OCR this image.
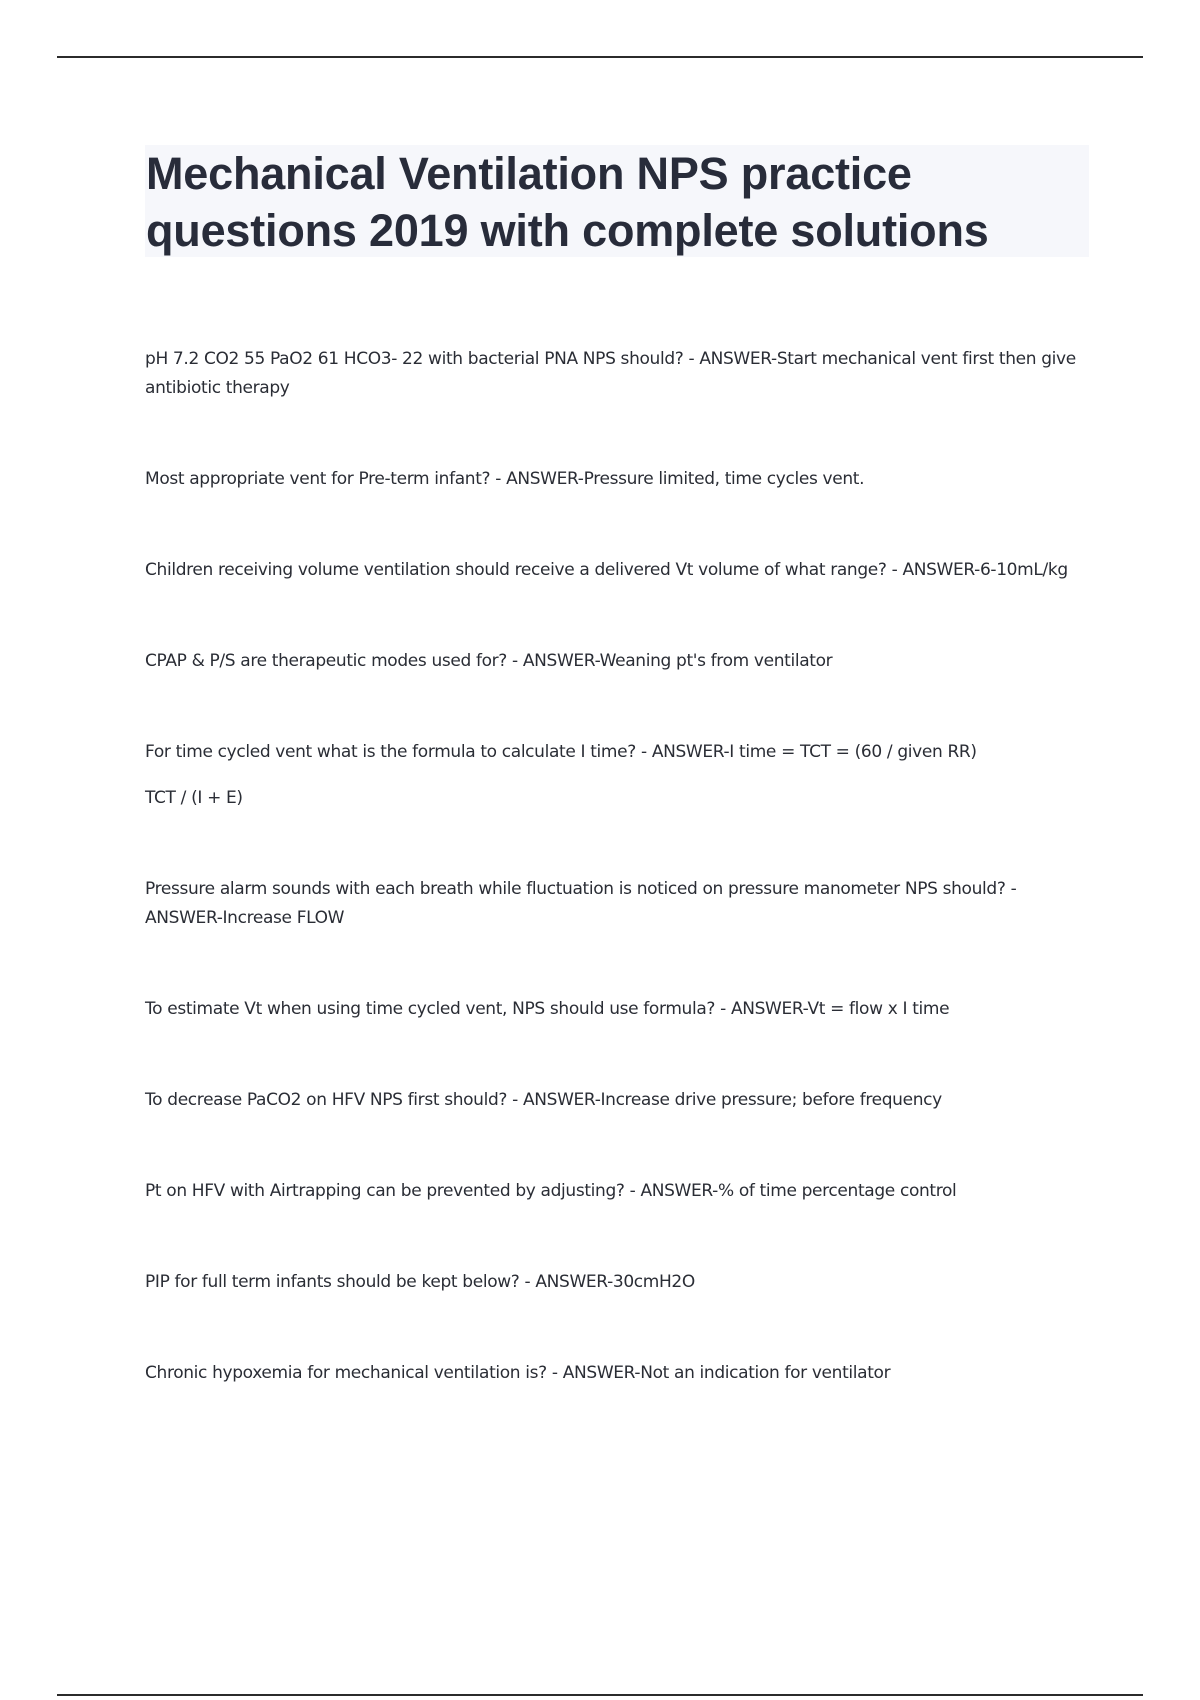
Mechanical Ventilation NPS practice
questions 2019 with complete solutions
pH 7.2 CO2 55 PaO2 61 HCO3- 22 with bacterial PNA NPS should? - ANSWER-Start mechanical vent first then give antibiotic therapy
Most appropriate vent for Pre-term infant? - ANSWER-Pressure limited, time cycles vent.
Children receiving volume ventilation should receive a delivered Vt volume of what range? - ANSWER-6-10mL/kg
CPAP & P/S are therapeutic modes used for? - ANSWER-Weaning pt's from ventilator
For time cycled vent what is the formula to calculate I time? - ANSWER-I time = TCT = (60 / given RR)
TCT / (I + E)
Pressure alarm sounds with each breath while fluctuation is noticed on pressure manometer NPS should? - ANSWER-Increase FLOW
To estimate Vt when using time cycled vent, NPS should use formula? - ANSWER-Vt = flow x I time
To decrease PaCO2 on HFV NPS first should? - ANSWER-Increase drive pressure; before frequency
Pt on HFV with Airtrapping can be prevented by adjusting? - ANSWER-% of time percentage control
PIP for full term infants should be kept below? - ANSWER-30cmH2O
Chronic hypoxemia for mechanical ventilation is? - ANSWER-Not an indication for ventilator
